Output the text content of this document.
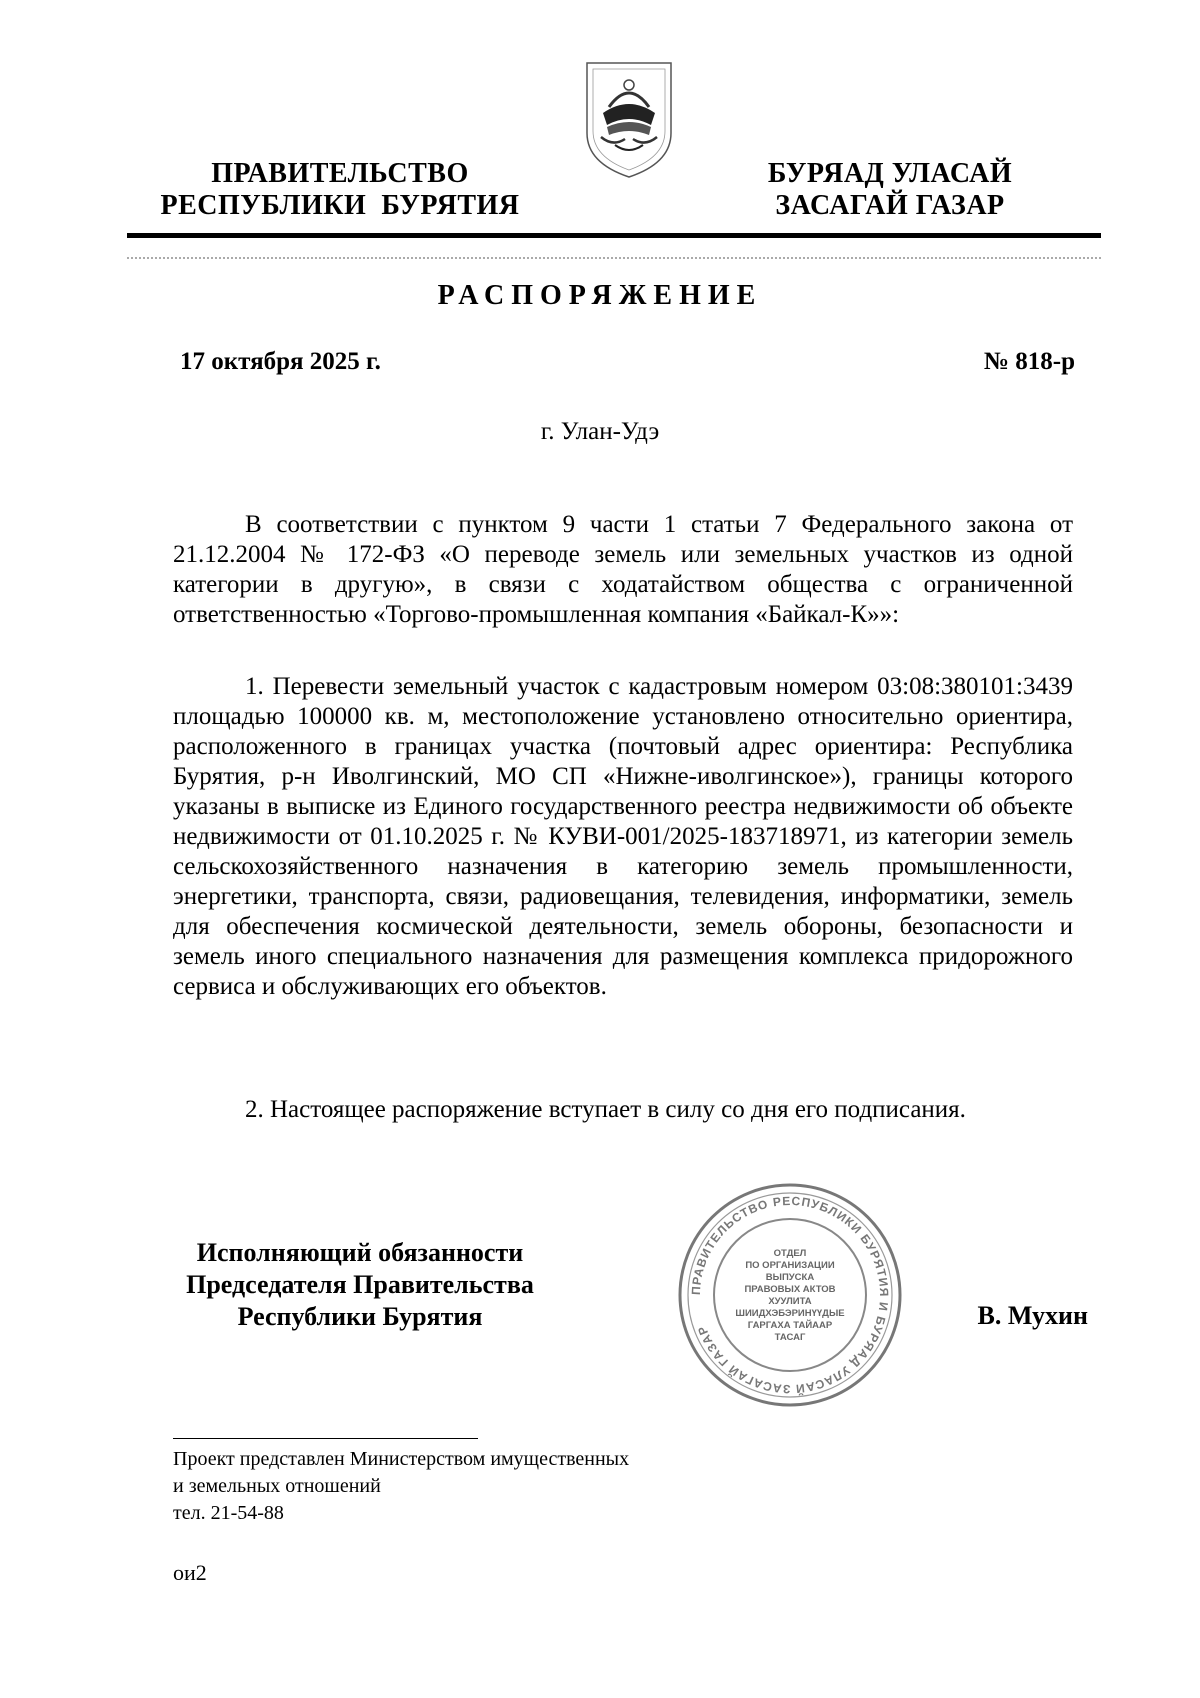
ПРАВИТЕЛЬСТВО
РЕСПУБЛИКИ  БУРЯТИЯ
БУРЯАД УЛАСАЙ
ЗАСАГАЙ ГАЗАР
РАСПОРЯЖЕНИЕ
17 октября 2025 г.	№ 818-р
г. Улан-Удэ

В соответствии с пунктом 9 части 1 статьи 7 Федерального закона от 21.12.2004 № 172-ФЗ «О переводе земель или земельных участков из одной категории в другую», в связи с ходатайством общества с ограниченной ответственностью «Торгово-промышленная компания «Байкал-К»»:

1. Перевести земельный участок с кадастровым номером 03:08:380101:3439 площадью 100000 кв. м, местоположение установлено относительно ориентира, расположенного в границах участка (почтовый адрес ориентира: Республика Бурятия, р-н Иволгинский, МО СП «Нижне-иволгинское»), границы которого указаны в выписке из Единого государственного реестра недвижимости об объекте недвижимости от 01.10.2025 г. № КУВИ-001/2025-183718971, из категории земель сельскохозяйственного назначения в категорию земель промышленности, энергетики, транспорта, связи, радиовещания, телевидения, информатики, земель для обеспечения космической деятельности, земель обороны, безопасности и земель иного специального назначения для размещения комплекса придорожного сервиса и обслуживающих его объектов.

2. Настоящее распоряжение вступает в силу со дня его подписания.

Исполняющий обязанности
Председателя Правительства
Республики Бурятия
ПРАВИТЕЛЬСТВО РЕСПУБЛИКИ БУРЯТИЯ И БУРЯАД УЛАСАЙ ЗАСАГАЙ ГАЗАР
ОТДЕЛ
ПО ОРГАНИЗАЦИИ
ВЫПУСКА
ПРАВОВЫХ АКТОВ
ХУУЛИТА
ШИИДХЭБЭРИНҮҮДЫЕ
ГАРГАХА ТАЙААР
ТАСАГ
В. Мухин
Проект представлен Министерством имущественных
и земельных отношений
тел. 21-54-88
ои2
